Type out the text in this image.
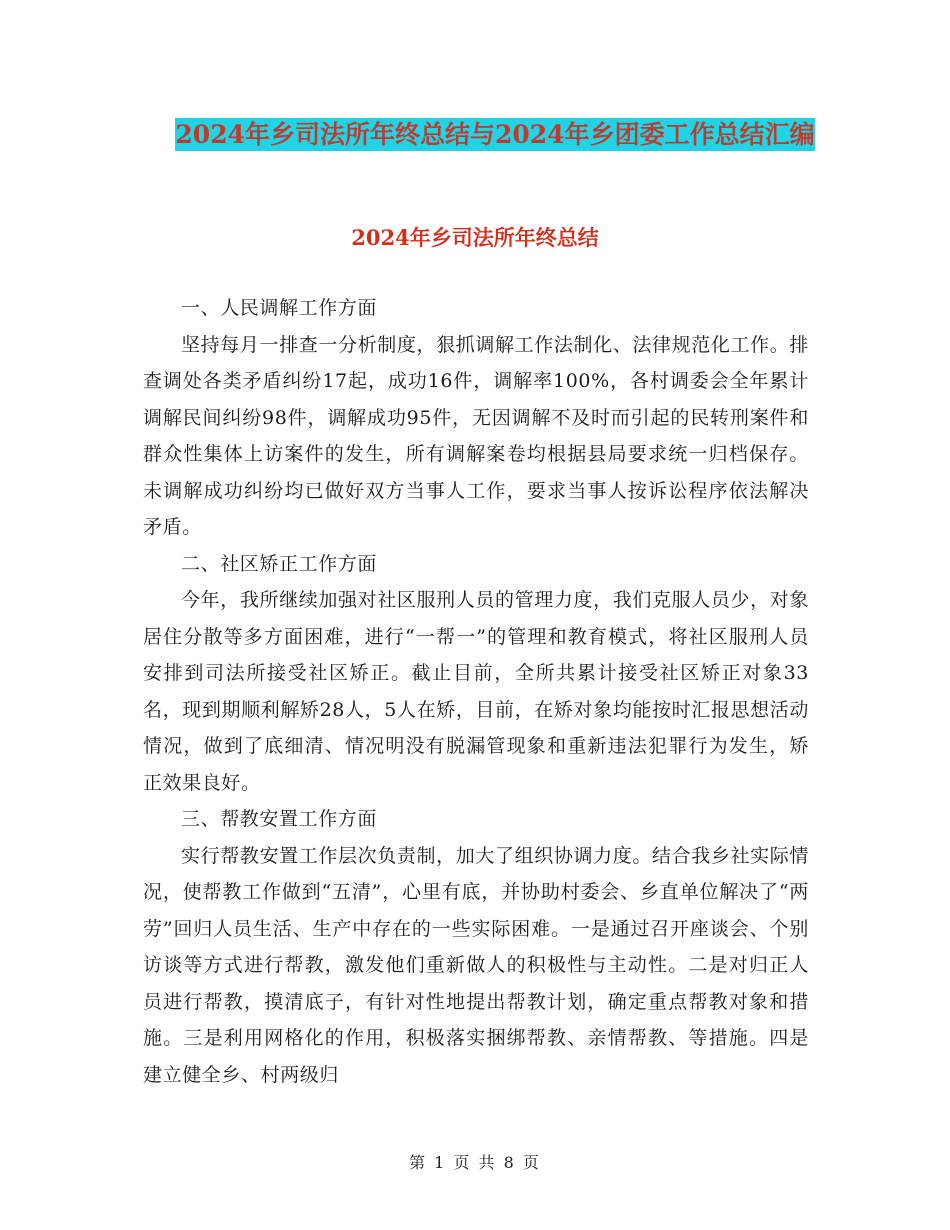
2024年乡司法所年终总结与2024年乡团委工作总结汇编
2024年乡司法所年终总结

一、人民调解工作方面

坚持每月一排查一分析制度，狠抓调解工作法制化、法律规范化工作。排查调处各类矛盾纠纷17起，成功16件，调解率100%，各村调委会全年累计调解民间纠纷98件，调解成功95件，无因调解不及时而引起的民转刑案件和群众性集体上访案件的发生，所有调解案卷均根据县局要求统一归档保存。未调解成功纠纷均已做好双方当事人工作，要求当事人按诉讼程序依法解决矛盾。

二、社区矫正工作方面

今年，我所继续加强对社区服刑人员的管理力度，我们克服人员少，对象居住分散等多方面困难，进行“一帮一”的管理和教育模式，将社区服刑人员安排到司法所接受社区矫正。截止目前，全所共累计接受社区矫正对象33名，现到期顺利解矫28人，5人在矫，目前，在矫对象均能按时汇报思想活动情况，做到了底细清、情况明没有脱漏管现象和重新违法犯罪行为发生，矫正效果良好。

三、帮教安置工作方面

实行帮教安置工作层次负责制，加大了组织协调力度。结合我乡社实际情况，使帮教工作做到“五清”，心里有底，并协助村委会、乡直单位解决了“两劳”回归人员生活、生产中存在的一些实际困难。一是通过召开座谈会、个别访谈等方式进行帮教，激发他们重新做人的积极性与主动性。二是对归正人员进行帮教，摸清底子，有针对性地提出帮教计划，确定重点帮教对象和措施。三是利用网格化的作用，积极落实捆绑帮教、亲情帮教、等措施。四是建立健全乡、村两级归

第 1 页 共 8 页
